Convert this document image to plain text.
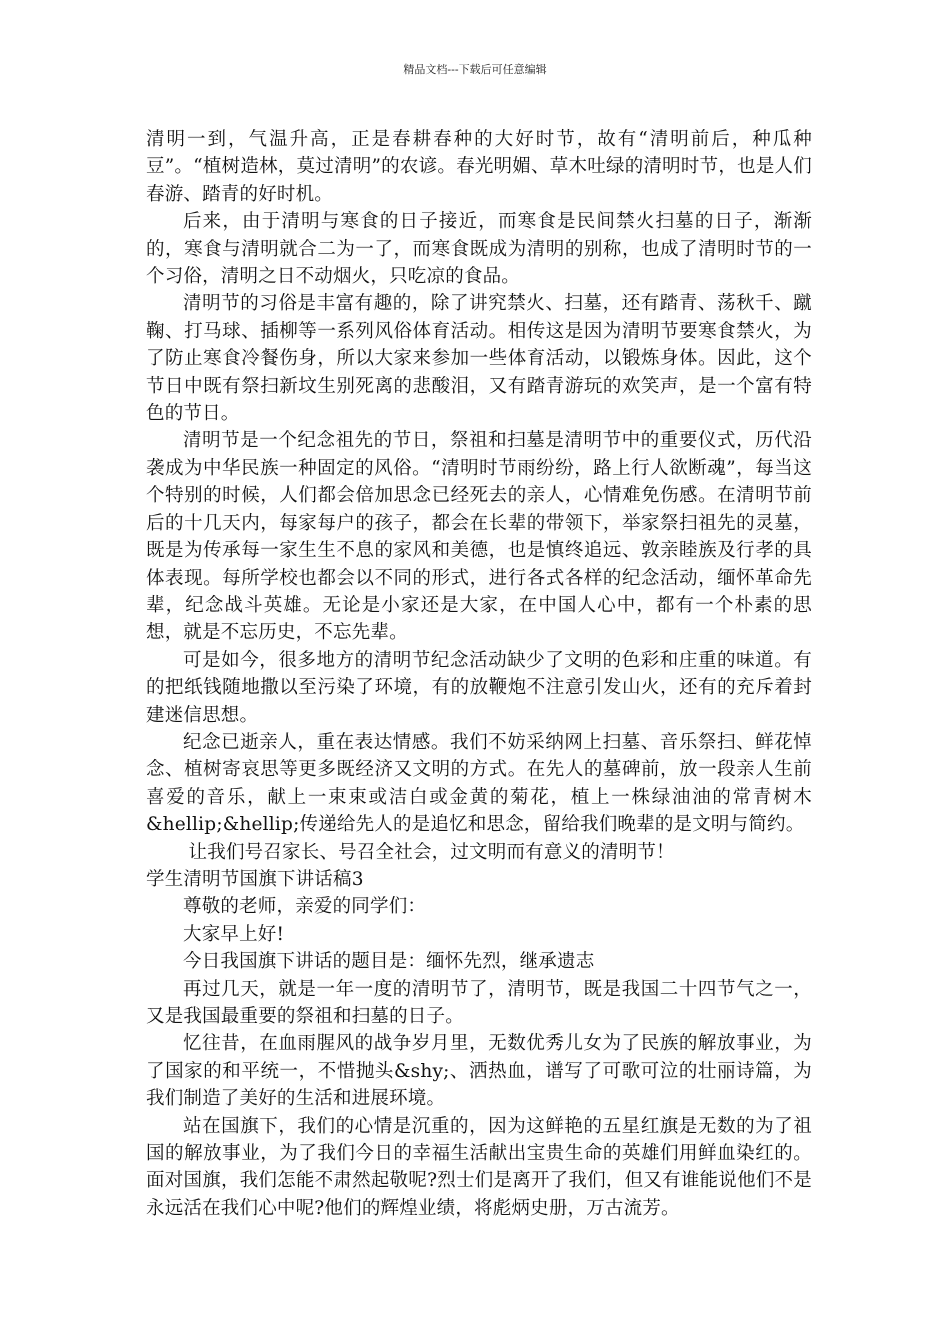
精品文档---下载后可任意编辑

清明一到，气温升高，正是春耕春种的大好时节，故有“清明前后，种瓜种豆”。“植树造林，莫过清明”的农谚。春光明媚、草木吐绿的清明时节，也是人们春游、踏青的好时机。

后来，由于清明与寒食的日子接近，而寒食是民间禁火扫墓的日子，渐渐的，寒食与清明就合二为一了，而寒食既成为清明的别称，也成了清明时节的一个习俗，清明之日不动烟火，只吃凉的食品。

清明节的习俗是丰富有趣的，除了讲究禁火、扫墓，还有踏青、荡秋千、蹴鞠、打马球、插柳等一系列风俗体育活动。相传这是因为清明节要寒食禁火，为了防止寒食冷餐伤身，所以大家来参加一些体育活动，以锻炼身体。因此，这个节日中既有祭扫新坟生别死离的悲酸泪，又有踏青游玩的欢笑声，是一个富有特色的节日。

清明节是一个纪念祖先的节日，祭祖和扫墓是清明节中的重要仪式，历代沿袭成为中华民族一种固定的风俗。“清明时节雨纷纷，路上行人欲断魂”，每当这个特别的时候，人们都会倍加思念已经死去的亲人，心情难免伤感。在清明节前后的十几天内，每家每户的孩子，都会在长辈的带领下，举家祭扫祖先的灵墓，既是为传承每一家生生不息的家风和美德，也是慎终追远、敦亲睦族及行孝的具体表现。每所学校也都会以不同的形式，进行各式各样的纪念活动，缅怀革命先辈，纪念战斗英雄。无论是小家还是大家，在中国人心中，都有一个朴素的思想，就是不忘历史，不忘先辈。

可是如今，很多地方的清明节纪念活动缺少了文明的色彩和庄重的味道。有的把纸钱随地撒以至污染了环境，有的放鞭炮不注意引发山火，还有的充斥着封建迷信思想。

纪念已逝亲人，重在表达情感。我们不妨采纳网上扫墓、音乐祭扫、鲜花悼念、植树寄哀思等更多既经济又文明的方式。在先人的墓碑前，放一段亲人生前喜爱的音乐，献上一束束或洁白或金黄的菊花，植上一株绿油油的常青树木&hellip;&hellip;传递给先人的是追忆和思念，留给我们晚辈的是文明与简约。

让我们号召家长、号召全社会，过文明而有意义的清明节！

学生清明节国旗下讲话稿3

尊敬的老师，亲爱的同学们：

大家早上好!

今日我国旗下讲话的题目是：缅怀先烈，继承遗志

再过几天，就是一年一度的清明节了，清明节，既是我国二十四节气之一，又是我国最重要的祭祖和扫墓的日子。

忆往昔，在血雨腥风的战争岁月里，无数优秀儿女为了民族的解放事业，为了国家的和平统一，不惜抛头&shy;、洒热血，谱写了可歌可泣的壮丽诗篇，为我们制造了美好的生活和进展环境。

站在国旗下，我们的心情是沉重的，因为这鲜艳的五星红旗是无数的为了祖国的解放事业，为了我们今日的幸福生活献出宝贵生命的英雄们用鲜血染红的。面对国旗，我们怎能不肃然起敬呢?烈士们是离开了我们，但又有谁能说他们不是永远活在我们心中呢?他们的辉煌业绩，将彪炳史册，万古流芳。
